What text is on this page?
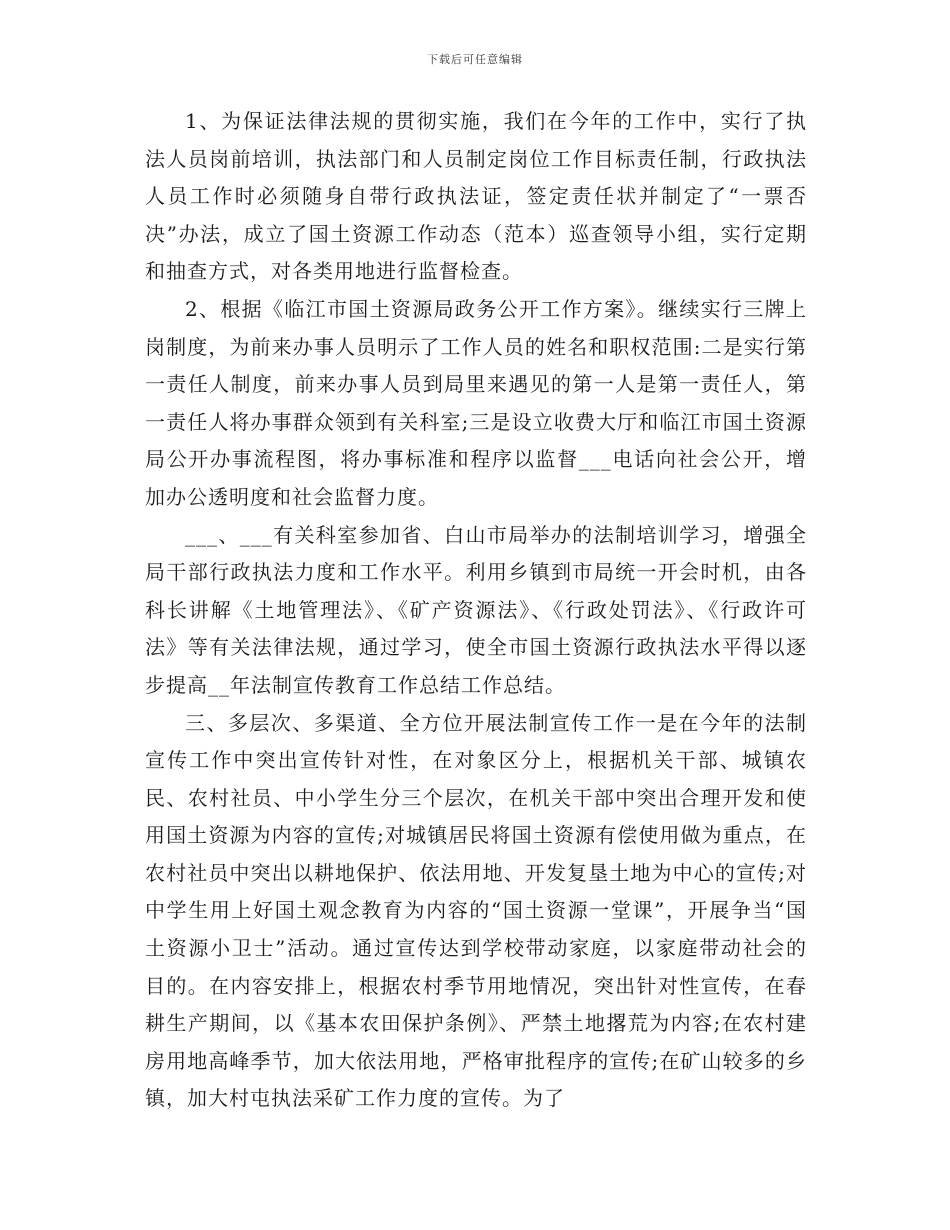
下载后可任意编辑

1、为保证法律法规的贯彻实施，我们在今年的工作中，实行了执法人员岗前培训，执法部门和人员制定岗位工作目标责任制，行政执法人员工作时必须随身自带行政执法证，签定责任状并制定了“一票否决”办法，成立了国土资源工作动态（范本）巡查领导小组，实行定期和抽查方式，对各类用地进行监督检查。

2、根据《临江市国土资源局政务公开工作方案》。继续实行三牌上岗制度，为前来办事人员明示了工作人员的姓名和职权范围:二是实行第一责任人制度，前来办事人员到局里来遇见的第一人是第一责任人，第一责任人将办事群众领到有关科室;三是设立收费大厅和临江市国土资源局公开办事流程图，将办事标准和程序以监督___电话向社会公开，增加办公透明度和社会监督力度。

___、___有关科室参加省、白山市局举办的法制培训学习，增强全局干部行政执法力度和工作水平。利用乡镇到市局统一开会时机，由各科长讲解《土地管理法》、《矿产资源法》、《行政处罚法》、《行政许可法》等有关法律法规，通过学习，使全市国土资源行政执法水平得以逐步提高__年法制宣传教育工作总结工作总结。

三、多层次、多渠道、全方位开展法制宣传工作一是在今年的法制宣传工作中突出宣传针对性，在对象区分上，根据机关干部、城镇农民、农村社员、中小学生分三个层次，在机关干部中突出合理开发和使用国土资源为内容的宣传;对城镇居民将国土资源有偿使用做为重点，在农村社员中突出以耕地保护、依法用地、开发复垦土地为中心的宣传;对中学生用上好国土观念教育为内容的“国土资源一堂课”，开展争当“国土资源小卫士”活动。通过宣传达到学校带动家庭，以家庭带动社会的目的。在内容安排上，根据农村季节用地情况，突出针对性宣传，在春耕生产期间，以《基本农田保护条例》、严禁土地撂荒为内容;在农村建房用地高峰季节，加大依法用地，严格审批程序的宣传;在矿山较多的乡镇，加大村屯执法采矿工作力度的宣传。为了
